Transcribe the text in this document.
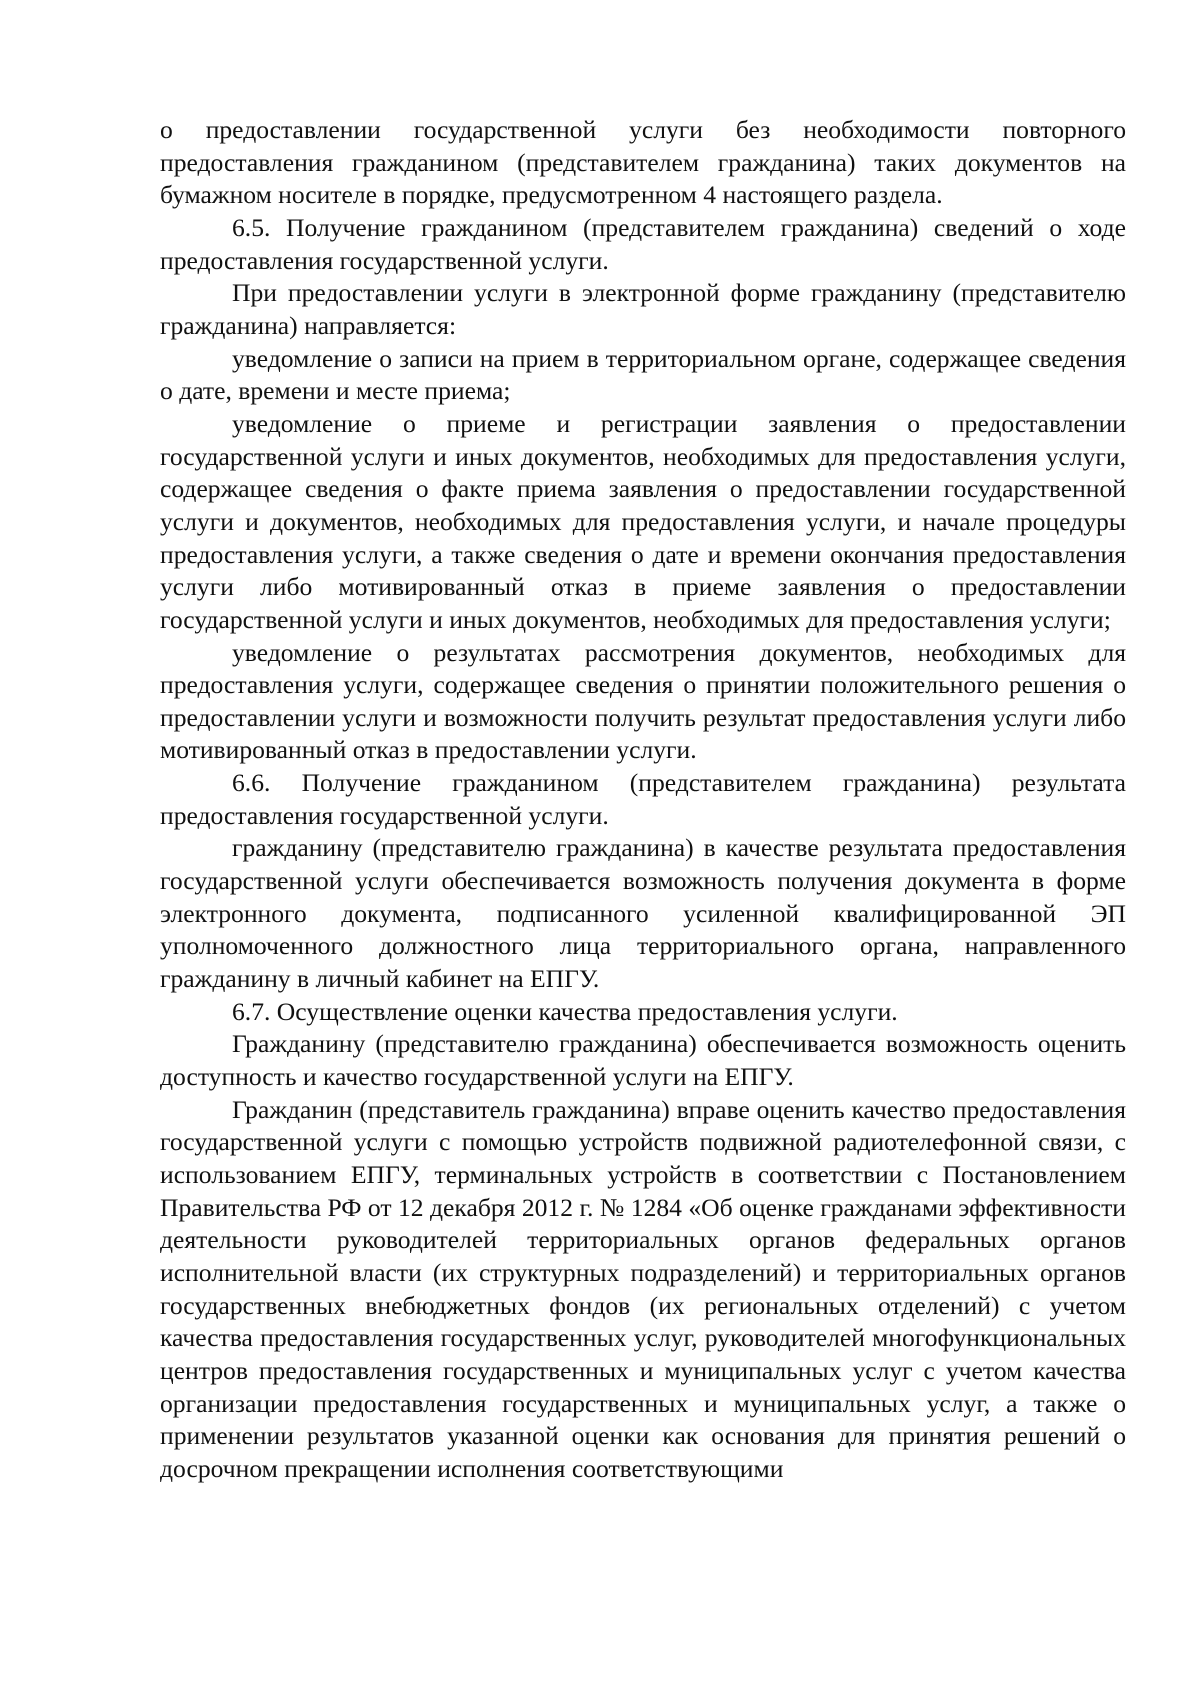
о предоставлении государственной услуги без необходимости повторного предоставления гражданином (представителем гражданина) таких документов на бумажном носителе в порядке, предусмотренном 4 настоящего раздела.

6.5. Получение гражданином (представителем гражданина) сведений о ходе предоставления государственной услуги.

При предоставлении услуги в электронной форме гражданину (представителю гражданина) направляется:

уведомление о записи на прием в территориальном органе, содержащее сведения о дате, времени и месте приема;

уведомление о приеме и регистрации заявления о предоставлении государственной услуги и иных документов, необходимых для предоставления услуги, содержащее сведения о факте приема заявления о предоставлении государственной услуги и документов, необходимых для предоставления услуги, и начале процедуры предоставления услуги, а также сведения о дате и времени окончания предоставления услуги либо мотивированный отказ в приеме заявления о предоставлении государственной услуги и иных документов, необходимых для предоставления услуги;

уведомление о результатах рассмотрения документов, необходимых для предоставления услуги, содержащее сведения о принятии положительного решения о предоставлении услуги и возможности получить результат предоставления услуги либо мотивированный отказ в предоставлении услуги.

6.6. Получение гражданином (представителем гражданина) результата предоставления государственной услуги.

гражданину (представителю гражданина) в качестве результата предоставления государственной услуги обеспечивается возможность получения документа в форме электронного документа, подписанного усиленной квалифицированной ЭП уполномоченного должностного лица территориального органа, направленного гражданину в личный кабинет на ЕПГУ.

6.7. Осуществление оценки качества предоставления услуги.

Гражданину (представителю гражданина) обеспечивается возможность оценить доступность и качество государственной услуги на ЕПГУ.

Гражданин (представитель гражданина) вправе оценить качество предоставления государственной услуги с помощью устройств подвижной радиотелефонной связи, с использованием ЕПГУ, терминальных устройств в соответствии с Постановлением Правительства РФ от 12 декабря 2012 г. № 1284 «Об оценке гражданами эффективности деятельности руководителей территориальных органов федеральных органов исполнительной власти (их структурных подразделений) и территориальных органов государственных внебюджетных фондов (их региональных отделений) с учетом качества предоставления государственных услуг, руководителей многофункциональных центров предоставления государственных и муниципальных услуг с учетом качества организации предоставления государственных и муниципальных услуг, а также о применении результатов указанной оценки как основания для принятия решений о досрочном прекращении исполнения соответствующими
